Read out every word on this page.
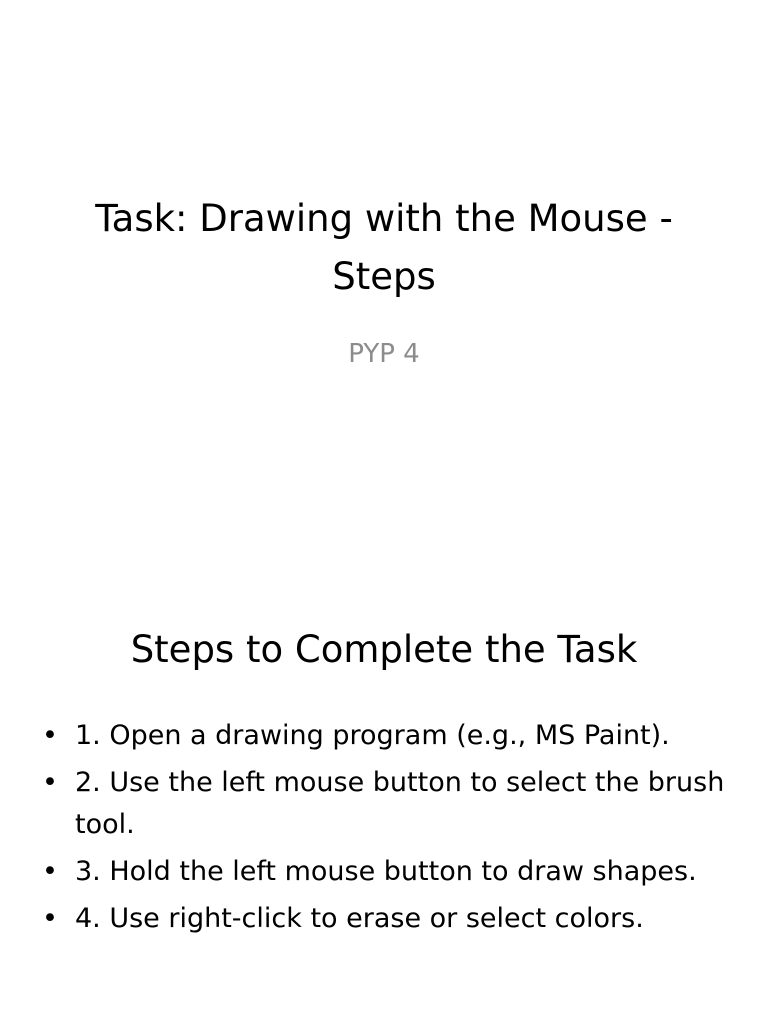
Task: Drawing with the Mouse - Steps
PYP 4
Steps to Complete the Task
• 1. Open a drawing program (e.g., MS Paint).
• 2. Use the left mouse button to select the brush tool.
• 3. Hold the left mouse button to draw shapes.
• 4. Use right-click to erase or select colors.
